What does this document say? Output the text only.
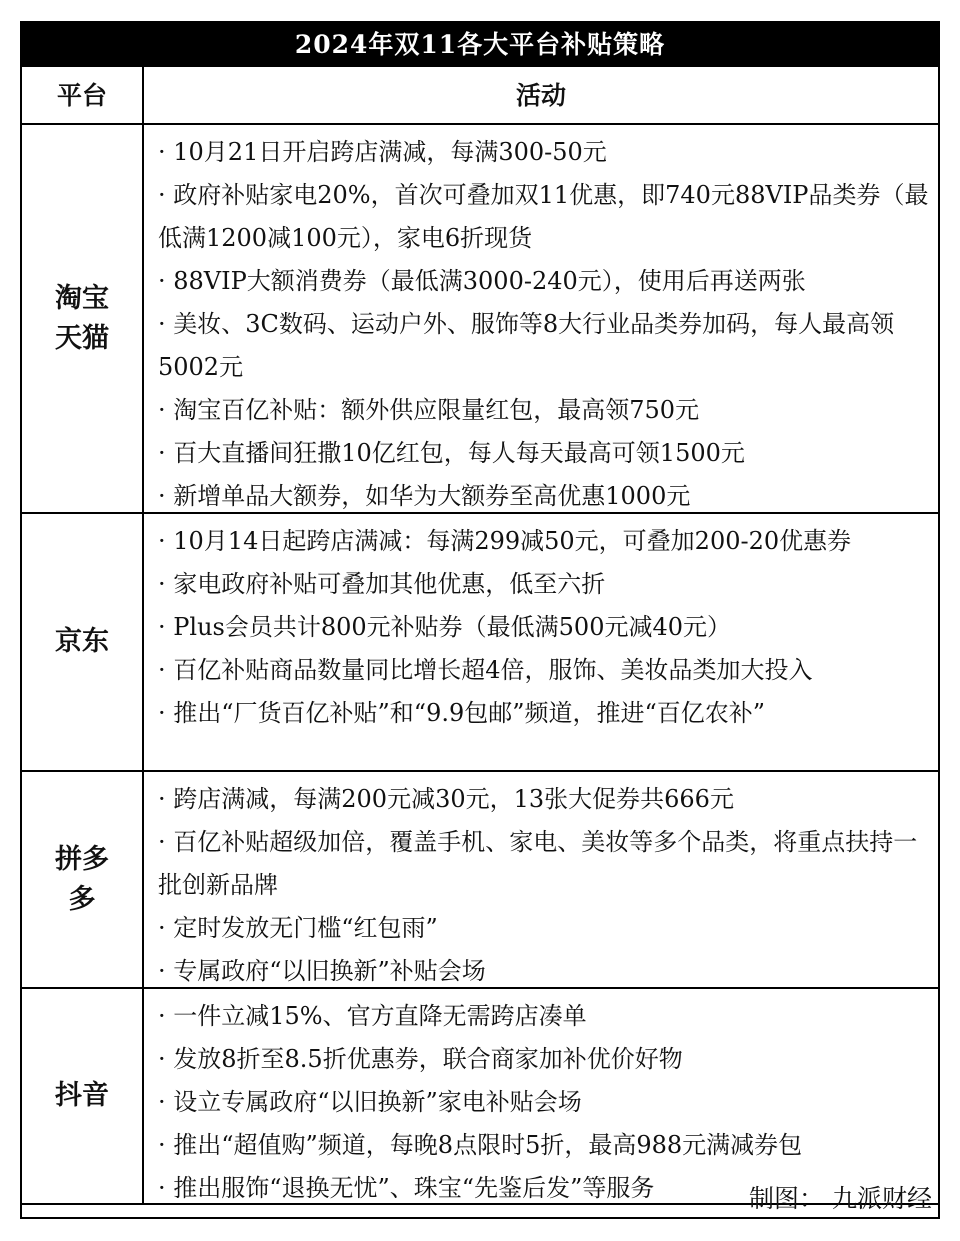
2024年双11各大平台补贴策略
平台	活动
淘宝天猫
· 10月21日开启跨店满减，每满300-50元
· 政府补贴家电20%，首次可叠加双11优惠，即740元88VIP品类券（最低满1200减100元），家电6折现货
· 88VIP大额消费券（最低满3000-240元），使用后再送两张
· 美妆、3C数码、运动户外、服饰等8大行业品类券加码，每人最高领5002元
· 淘宝百亿补贴：额外供应限量红包，最高领750元
· 百大直播间狂撒10亿红包，每人每天最高可领1500元
· 新增单品大额券，如华为大额券至高优惠1000元
京东
· 10月14日起跨店满减：每满299减50元，可叠加200-20优惠券
· 家电政府补贴可叠加其他优惠，低至六折
· Plus会员共计800元补贴券（最低满500元减40元）
· 百亿补贴商品数量同比增长超4倍，服饰、美妆品类加大投入
· 推出“厂货百亿补贴”和“9.9包邮”频道，推进“百亿农补”
拼多多
· 跨店满减，每满200元减30元，13张大促券共666元
· 百亿补贴超级加倍，覆盖手机、家电、美妆等多个品类，将重点扶持一批创新品牌
· 定时发放无门槛“红包雨”
· 专属政府“以旧换新”补贴会场
抖音
· 一件立减15%、官方直降无需跨店凑单
· 发放8折至8.5折优惠券，联合商家加补优价好物
· 设立专属政府“以旧换新”家电补贴会场
· 推出“超值购”频道，每晚8点限时5折，最高988元满减券包
· 推出服饰“退换无忧”、珠宝“先鉴后发”等服务	制图： 九派财经
